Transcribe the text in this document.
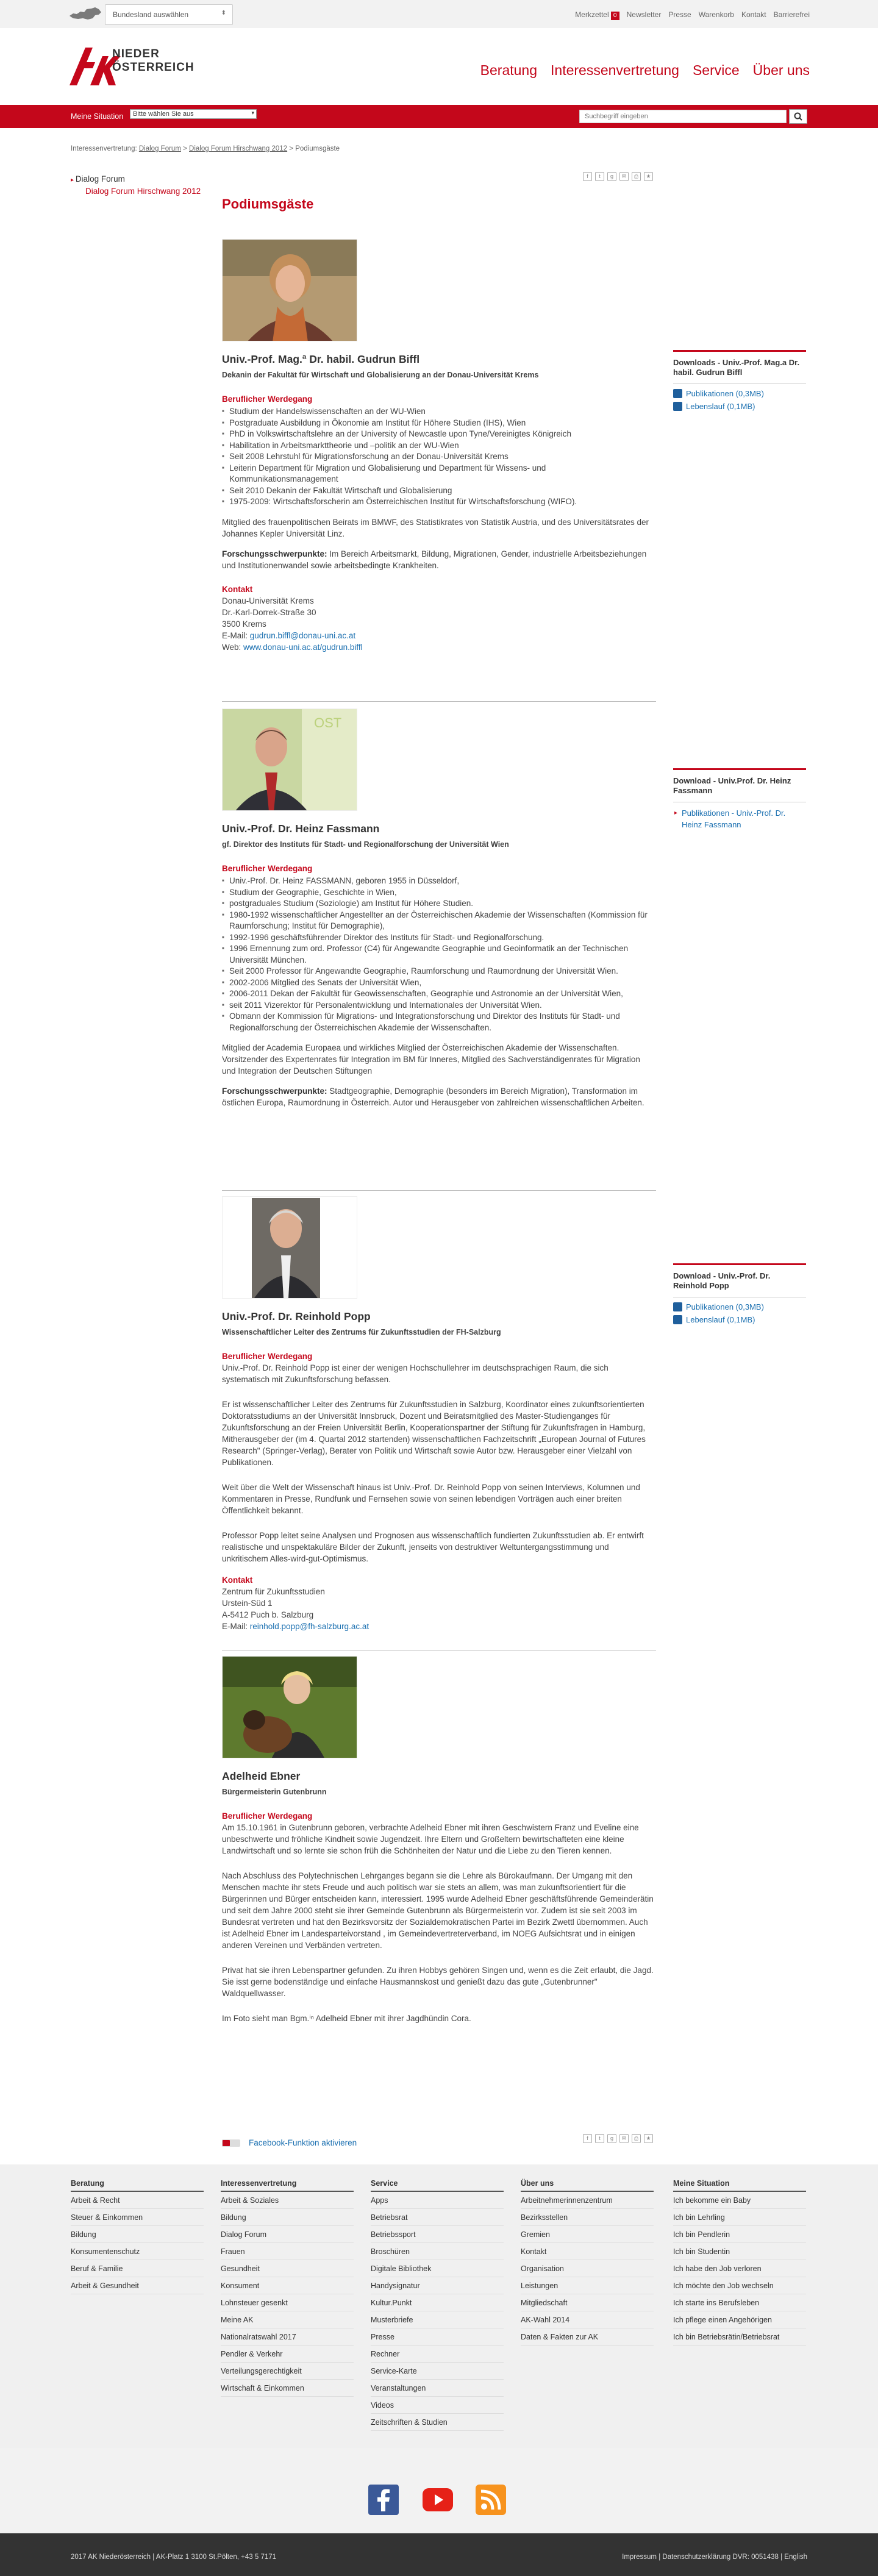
Bundesland auswählen	⬍	Merkzettel 0	Newsletter Presse Warenkorb Kontakt Barrierefrei
NIEDER
ÖSTERREICH	Beratung Interessenvertretung Service Über uns
Meine Situation	Bitte wählen Sie aus	▾
Suchbegriff eingeben
Interessenvertretung: Dialog Forum > Dialog Forum Hirschwang 2012 > Podiumsgäste
▸ Dialog Forum
Dialog Forum Hirschwang 2012
f	t	g	✉	⎙	★
Podiumsgäste
Univ.-Prof. Mag.ª Dr. habil. Gudrun Biffl
Dekanin der Fakultät für Wirtschaft und Globalisierung an der Donau-Universität Krems
Beruflicher Werdegang
■ Studium der Handelswissenschaften an der WU-Wien
■ Postgraduate Ausbildung in Ökonomie am Institut für Höhere Studien (IHS), Wien
■ PhD in Volkswirtschaftslehre an der University of Newcastle upon Tyne/Vereinigtes Königreich
■ Habilitation in Arbeitsmarkttheorie und –politik an der WU-Wien
■ Seit 2008 Lehrstuhl für Migrationsforschung an der Donau-Universität Krems
■ Leiterin Department für Migration und Globalisierung und Department für Wissens- und Kommunikationsmanagement
■ Seit 2010 Dekanin der Fakultät Wirtschaft und Globalisierung
■ 1975-2009: Wirtschaftsforscherin am Österreichischen Institut für Wirtschaftsforschung (WIFO).

Mitglied des frauenpolitischen Beirats im BMWF, des Statistikrates von Statistik Austria, und des Universitätsrates der Johannes Kepler Universität Linz.

Forschungsschwerpunkte: Im Bereich Arbeitsmarkt, Bildung, Migrationen, Gender, industrielle Arbeitsbeziehungen und Institutionenwandel sowie arbeitsbedingte Krankheiten.

Kontakt
Donau-Universität Krems
Dr.-Karl-Dorrek-Straße 30
3500 Krems
E-Mail: gudrun.biffl@donau-uni.ac.at
Web: www.donau-uni.ac.at/gudrun.biffl
OST
Univ.-Prof. Dr. Heinz Fassmann
gf. Direktor des Instituts für Stadt- und Regionalforschung der Universität Wien
Beruflicher Werdegang
■ Univ.-Prof. Dr. Heinz FASSMANN, geboren 1955 in Düsseldorf,
■ Studium der Geographie, Geschichte in Wien,
■ postgraduales Studium (Soziologie) am Institut für Höhere Studien.
■ 1980-1992 wissenschaftlicher Angestellter an der Österreichischen Akademie der Wissenschaften (Kommission für Raumforschung; Institut für Demographie),
■ 1992-1996 geschäftsführender Direktor des Instituts für Stadt- und Regionalforschung.
■ 1996 Ernennung zum ord. Professor (C4) für Angewandte Geographie und Geoinformatik an der Technischen Universität München.
■ Seit 2000 Professor für Angewandte Geographie, Raumforschung und Raumordnung der Universität Wien.
■ 2002-2006 Mitglied des Senats der Universität Wien,
■ 2006-2011 Dekan der Fakultät für Geowissenschaften, Geographie und Astronomie an der Universität Wien,
■ seit 2011 Vizerektor für Personalentwicklung und Internationales der Universität Wien.
■ Obmann der Kommission für Migrations- und Integrationsforschung und Direktor des Instituts für Stadt- und Regionalforschung der Österreichischen Akademie der Wissenschaften.

Mitglied der Academia Europaea und wirkliches Mitglied der Österreichischen Akademie der Wissenschaften. Vorsitzender des Expertenrates für Integration im BM für Inneres, Mitglied des Sachverständigenrates für Migration und Integration der Deutschen Stiftungen

Forschungsschwerpunkte: Stadtgeographie, Demographie (besonders im Bereich Migration), Transformation im östlichen Europa, Raumordnung in Österreich. Autor und Herausgeber von zahlreichen wissenschaftlichen Arbeiten.

Univ.-Prof. Dr. Reinhold Popp
Wissenschaftlicher Leiter des Zentrums für Zukunftsstudien der FH-Salzburg
Beruflicher Werdegang
Univ.-Prof. Dr. Reinhold Popp ist einer der wenigen Hochschullehrer im deutschsprachigen Raum, die sich systematisch mit Zukunftsforschung befassen.

Er ist wissenschaftlicher Leiter des Zentrums für Zukunftsstudien in Salzburg, Koordinator eines zukunftsorientierten Doktoratsstudiums an der Universität Innsbruck, Dozent und Beiratsmitglied des Master-Studienganges für Zukunftsforschung an der Freien Universität Berlin, Kooperationspartner der Stiftung für Zukunftsfragen in Hamburg, Mitherausgeber der (im 4. Quartal 2012 startenden) wissenschaftlichen Fachzeitschrift „European Journal of Futures Research" (Springer-Verlag), Berater von Politik und Wirtschaft sowie Autor bzw. Herausgeber einer Vielzahl von Publikationen.

Weit über die Welt der Wissenschaft hinaus ist Univ.-Prof. Dr. Reinhold Popp von seinen Interviews, Kolumnen und Kommentaren in Presse, Rundfunk und Fernsehen sowie von seinen lebendigen Vorträgen auch einer breiten Öffentlichkeit bekannt.

Professor Popp leitet seine Analysen und Prognosen aus wissenschaftlich fundierten Zukunftsstudien ab. Er entwirft realistische und unspektakuläre Bilder der Zukunft, jenseits von destruktiver Weltuntergangsstimmung und unkritischem Alles-wird-gut-Optimismus.

Kontakt
Zentrum für Zukunftsstudien
Urstein-Süd 1
A-5412 Puch b. Salzburg
E-Mail: reinhold.popp@fh-salzburg.ac.at
Adelheid Ebner
Bürgermeisterin Gutenbrunn
Beruflicher Werdegang
Am 15.10.1961 in Gutenbrunn geboren, verbrachte Adelheid Ebner mit ihren Geschwistern Franz und Eveline eine unbeschwerte und fröhliche Kindheit sowie Jugendzeit. Ihre Eltern und Großeltern bewirtschafteten eine kleine Landwirtschaft und so lernte sie schon früh die Schönheiten der Natur und die Liebe zu den Tieren kennen.

Nach Abschluss des Polytechnischen Lehrganges begann sie die Lehre als Bürokaufmann. Der Umgang mit den Menschen machte ihr stets Freude und auch politisch war sie stets an allem, was man zukunftsorientiert für die Bürgerinnen und Bürger entscheiden kann, interessiert. 1995 wurde Adelheid Ebner geschäftsführende Gemeinderätin und seit dem Jahre 2000 steht sie ihrer Gemeinde Gutenbrunn als Bürgermeisterin vor. Zudem ist sie seit 2003 im Bundesrat vertreten und hat den Bezirksvorsitz der Sozialdemokratischen Partei im Bezirk Zwettl übernommen. Auch ist Adelheid Ebner im Landesparteivorstand , im Gemeindevertreterverband, im NOEG Aufsichtsrat und in einigen anderen Vereinen und Verbänden vertreten.

Privat hat sie ihren Lebenspartner gefunden. Zu ihren Hobbys gehören Singen und, wenn es die Zeit erlaubt, die Jagd. Sie isst gerne bodenständige und einfache Hausmannskost und genießt dazu das gute „Gutenbrunner" Waldquellwasser.

Im Foto sieht man Bgm.ⁱⁿ Adelheid Ebner mit ihrer Jagdhündin Cora.

Downloads - Univ.-Prof. Mag.a Dr. habil. Gudrun Biffl
Publikationen (0,3MB)
Lebenslauf (0,1MB)
Download - Univ.Prof. Dr. Heinz Fassmann
▸ Publikationen - Univ.-Prof. Dr. Heinz Fassmann
Download - Univ.-Prof. Dr. Reinhold Popp
Publikationen (0,3MB)
Lebenslauf (0,1MB)
Facebook-Funktion aktivieren	f	t	g	✉	⎙	★
Beratung
Arbeit & Recht
Steuer & Einkommen
Bildung
Konsumentenschutz
Beruf & Familie
Arbeit & Gesundheit
Interessenvertretung
Arbeit & Soziales
Bildung
Dialog Forum
Frauen
Gesundheit
Konsument
Lohnsteuer gesenkt
Meine AK
Nationalratswahl 2017
Pendler & Verkehr
Verteilungsgerechtigkeit
Wirtschaft & Einkommen
Service
Apps
Betriebsrat
Betriebssport
Broschüren
Digitale Bibliothek
Handysignatur
Kultur.Punkt
Musterbriefe
Presse
Rechner
Service-Karte
Veranstaltungen
Videos
Zeitschriften & Studien
Über uns
Arbeitnehmerinnenzentrum
Bezirksstellen
Gremien
Kontakt
Organisation
Leistungen
Mitgliedschaft
AK-Wahl 2014
Daten & Fakten zur AK
Meine Situation
Ich bekomme ein Baby
Ich bin Lehrling
Ich bin Pendlerin
Ich bin Studentin
Ich habe den Job verloren
Ich möchte den Job wechseln
Ich starte ins Berufsleben
Ich pflege einen Angehörigen
Ich bin Betriebsrätin/Betriebsrat
2017 AK Niederösterreich | AK-Platz 1 3100 St.Pölten, +43 5 7171	Impressum | Datenschutzerklärung DVR: 0051438 | English
